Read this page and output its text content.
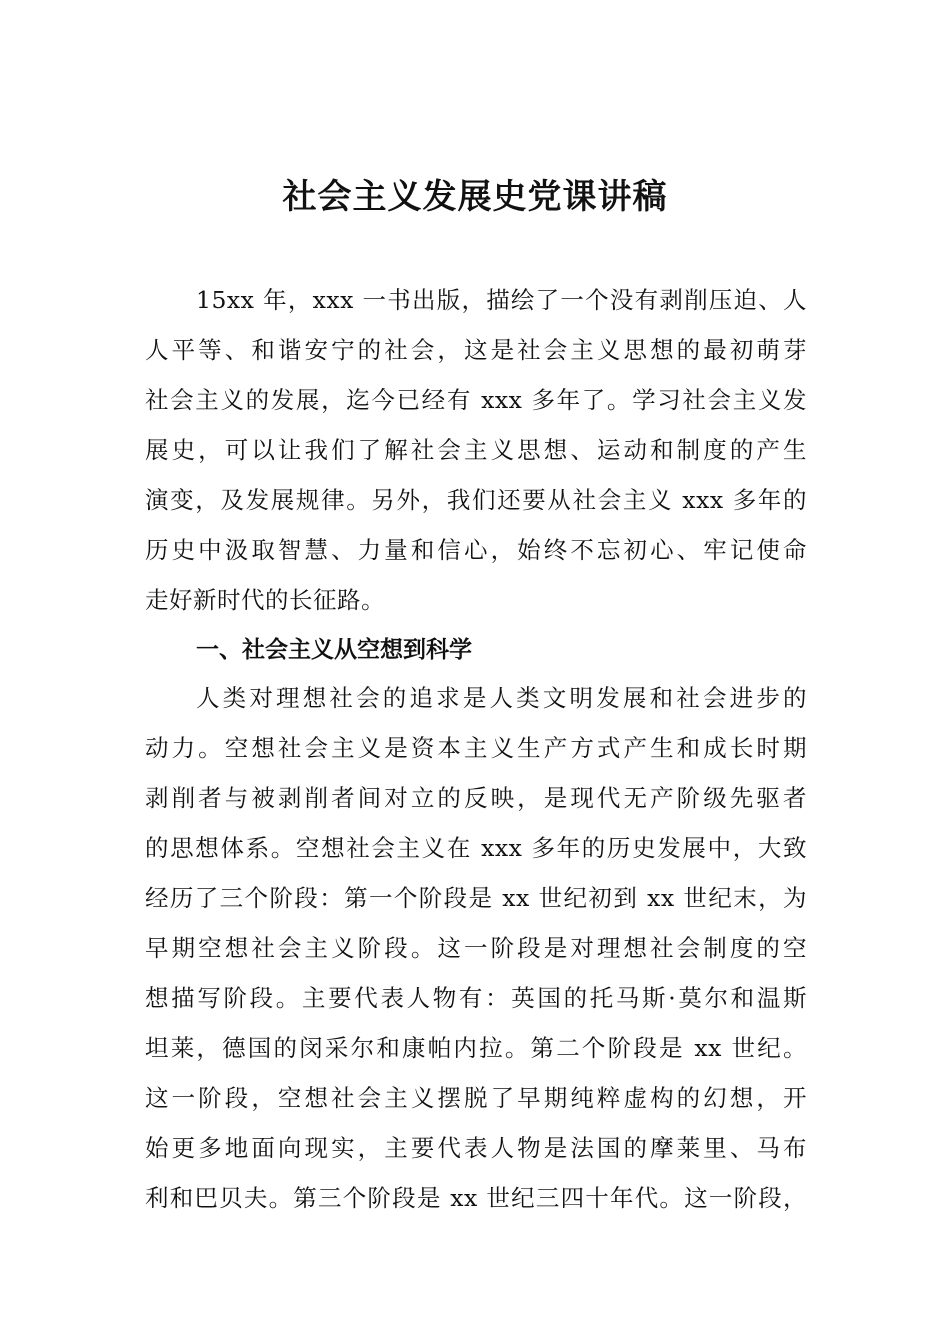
社会主义发展史党课讲稿
15xx 年，xxx 一书出版，描绘了一个没有剥削压迫、人
人平等、和谐安宁的社会，这是社会主义思想的最初萌芽
社会主义的发展，迄今已经有 xxx 多年了。学习社会主义发
展史，可以让我们了解社会主义思想、运动和制度的产生
演变，及发展规律。另外，我们还要从社会主义 xxx 多年的
历史中汲取智慧、力量和信心，始终不忘初心、牢记使命
走好新时代的长征路。
一、社会主义从空想到科学
人类对理想社会的追求是人类文明发展和社会进步的
动力。空想社会主义是资本主义生产方式产生和成长时期
剥削者与被剥削者间对立的反映，是现代无产阶级先驱者
的思想体系。空想社会主义在 xxx 多年的历史发展中，大致
经历了三个阶段：第一个阶段是 xx 世纪初到 xx 世纪末，为
早期空想社会主义阶段。这一阶段是对理想社会制度的空
想描写阶段。主要代表人物有：英国的托马斯·莫尔和温斯
坦莱，德国的闵采尔和康帕内拉。第二个阶段是 xx 世纪。
这一阶段，空想社会主义摆脱了早期纯粹虚构的幻想，开
始更多地面向现实，主要代表人物是法国的摩莱里、马布
利和巴贝夫。第三个阶段是 xx 世纪三四十年代。这一阶段，
